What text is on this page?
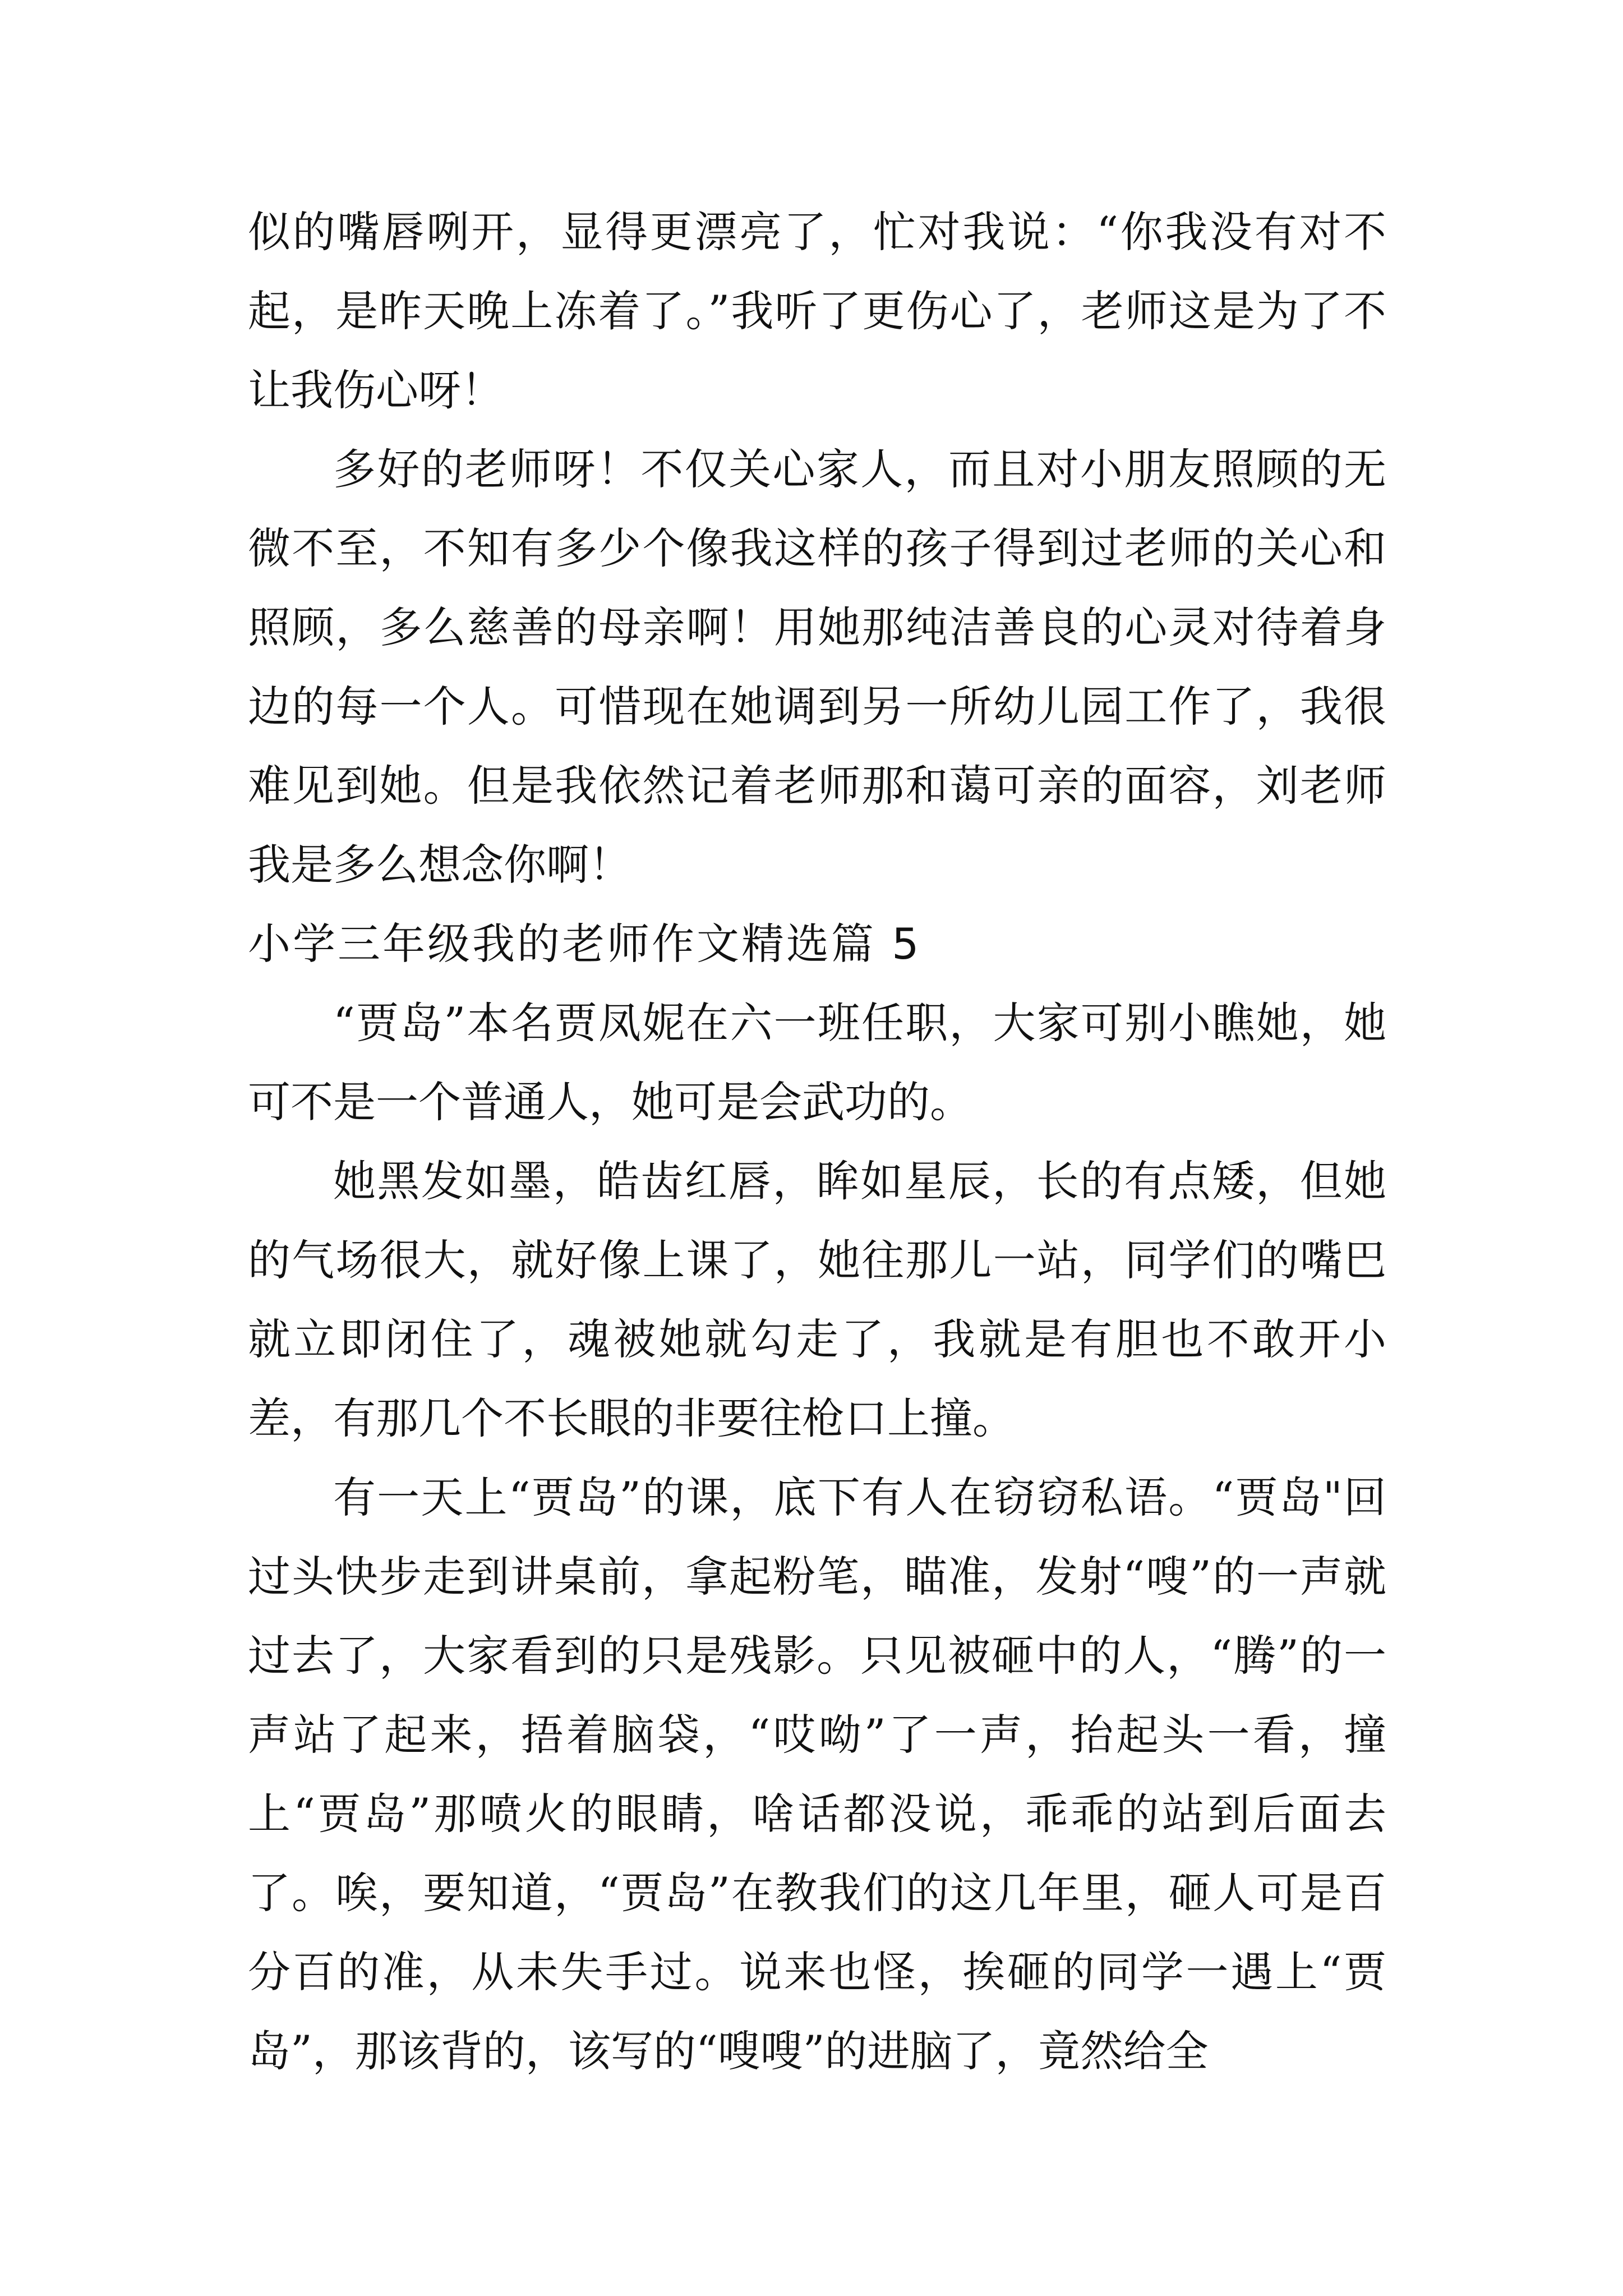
似的嘴唇咧开，显得更漂亮了，忙对我说：“你我没有对不起，是昨天晚上冻着了。”我听了更伤心了，老师这是为了不让我伤心呀！

多好的老师呀！不仅关心家人，而且对小朋友照顾的无微不至，不知有多少个像我这样的孩子得到过老师的关心和照顾，多么慈善的母亲啊！用她那纯洁善良的心灵对待着身边的每一个人。可惜现在她调到另一所幼儿园工作了，我很难见到她。但是我依然记着老师那和蔼可亲的面容，刘老师我是多么想念你啊！

小学三年级我的老师作文精选篇 5

“贾岛”本名贾凤妮在六一班任职，大家可别小瞧她，她可不是一个普通人，她可是会武功的。

她黑发如墨，皓齿红唇，眸如星辰，长的有点矮，但她的气场很大，就好像上课了，她往那儿一站，同学们的嘴巴就立即闭住了，魂被她就勾走了，我就是有胆也不敢开小差，有那几个不长眼的非要往枪口上撞。

有一天上“贾岛”的课，底下有人在窃窃私语。“贾岛"回过头快步走到讲桌前，拿起粉笔，瞄准，发射“嗖”的一声就过去了，大家看到的只是残影。只见被砸中的人，“腾”的一声站了起来，捂着脑袋，“哎呦”了一声，抬起头一看，撞上“贾岛”那喷火的眼睛，啥话都没说，乖乖的站到后面去了。唉，要知道，“贾岛”在教我们的这几年里，砸人可是百分百的准，从未失手过。说来也怪，挨砸的同学一遇上“贾岛”，那该背的，该写的“嗖嗖”的进脑了，竟然给全
